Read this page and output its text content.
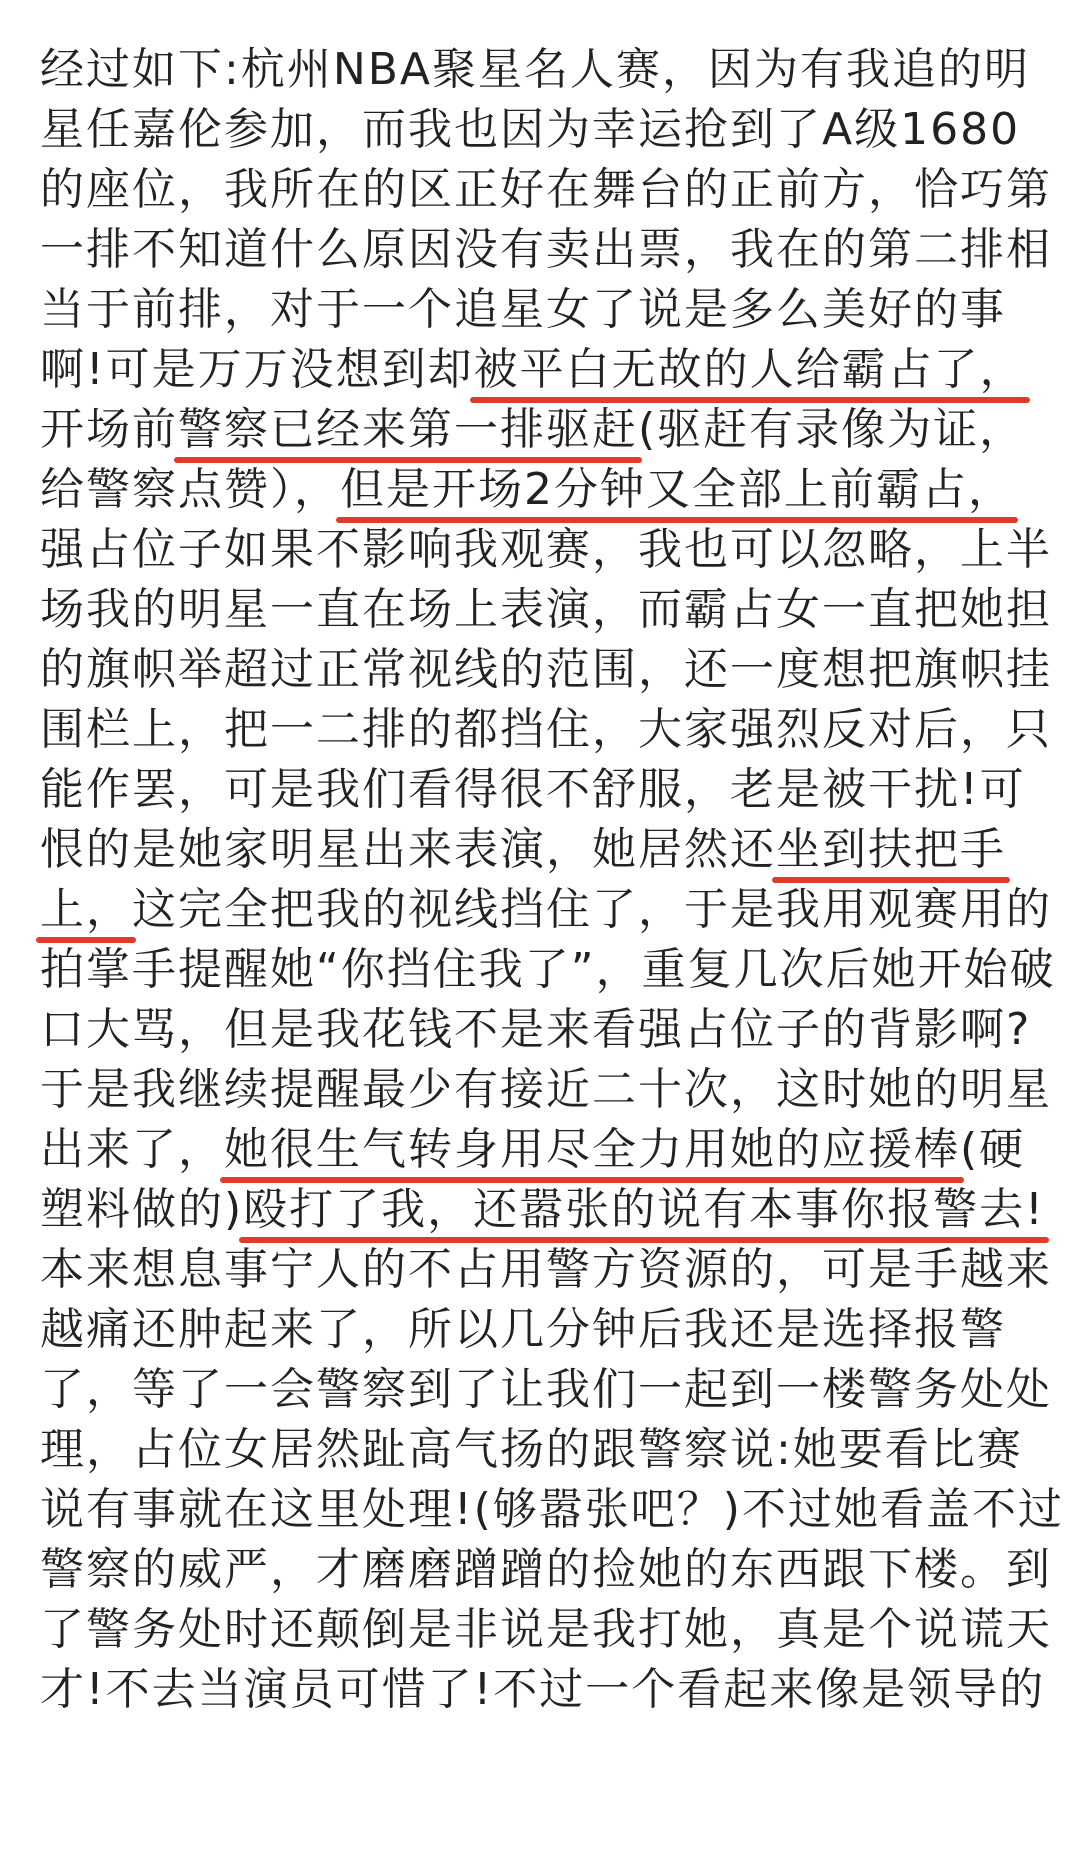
经过如下:杭州NBA聚星名人赛，因为有我追的明
星任嘉伦参加，而我也因为幸运抢到了A级1680
的座位，我所在的区正好在舞台的正前方，恰巧第
一排不知道什么原因没有卖出票，我在的第二排相
当于前排，对于一个追星女了说是多么美好的事
啊!可是万万没想到却被平白无故的人给霸占了，
开场前警察已经来第一排驱赶(驱赶有录像为证，
给警察点赞），但是开场2分钟又全部上前霸占，
强占位子如果不影响我观赛，我也可以忽略，上半
场我的明星一直在场上表演，而霸占女一直把她担
的旗帜举超过正常视线的范围，还一度想把旗帜挂
围栏上，把一二排的都挡住，大家强烈反对后，只
能作罢，可是我们看得很不舒服，老是被干扰!可
恨的是她家明星出来表演，她居然还坐到扶把手
上，这完全把我的视线挡住了，于是我用观赛用的
拍掌手提醒她“你挡住我了”，重复几次后她开始破
口大骂，但是我花钱不是来看强占位子的背影啊?
于是我继续提醒最少有接近二十次，这时她的明星
出来了，她很生气转身用尽全力用她的应援棒(硬
塑料做的)殴打了我，还嚣张的说有本事你报警去!
本来想息事宁人的不占用警方资源的，可是手越来
越痛还肿起来了，所以几分钟后我还是选择报警
了，等了一会警察到了让我们一起到一楼警务处处
理，占位女居然趾高气扬的跟警察说:她要看比赛
说有事就在这里处理!(够嚣张吧？)不过她看盖不过
警察的威严，才磨磨蹭蹭的捡她的东西跟下楼。到
了警务处时还颠倒是非说是我打她，真是个说谎天
才!不去当演员可惜了!不过一个看起来像是领导的
